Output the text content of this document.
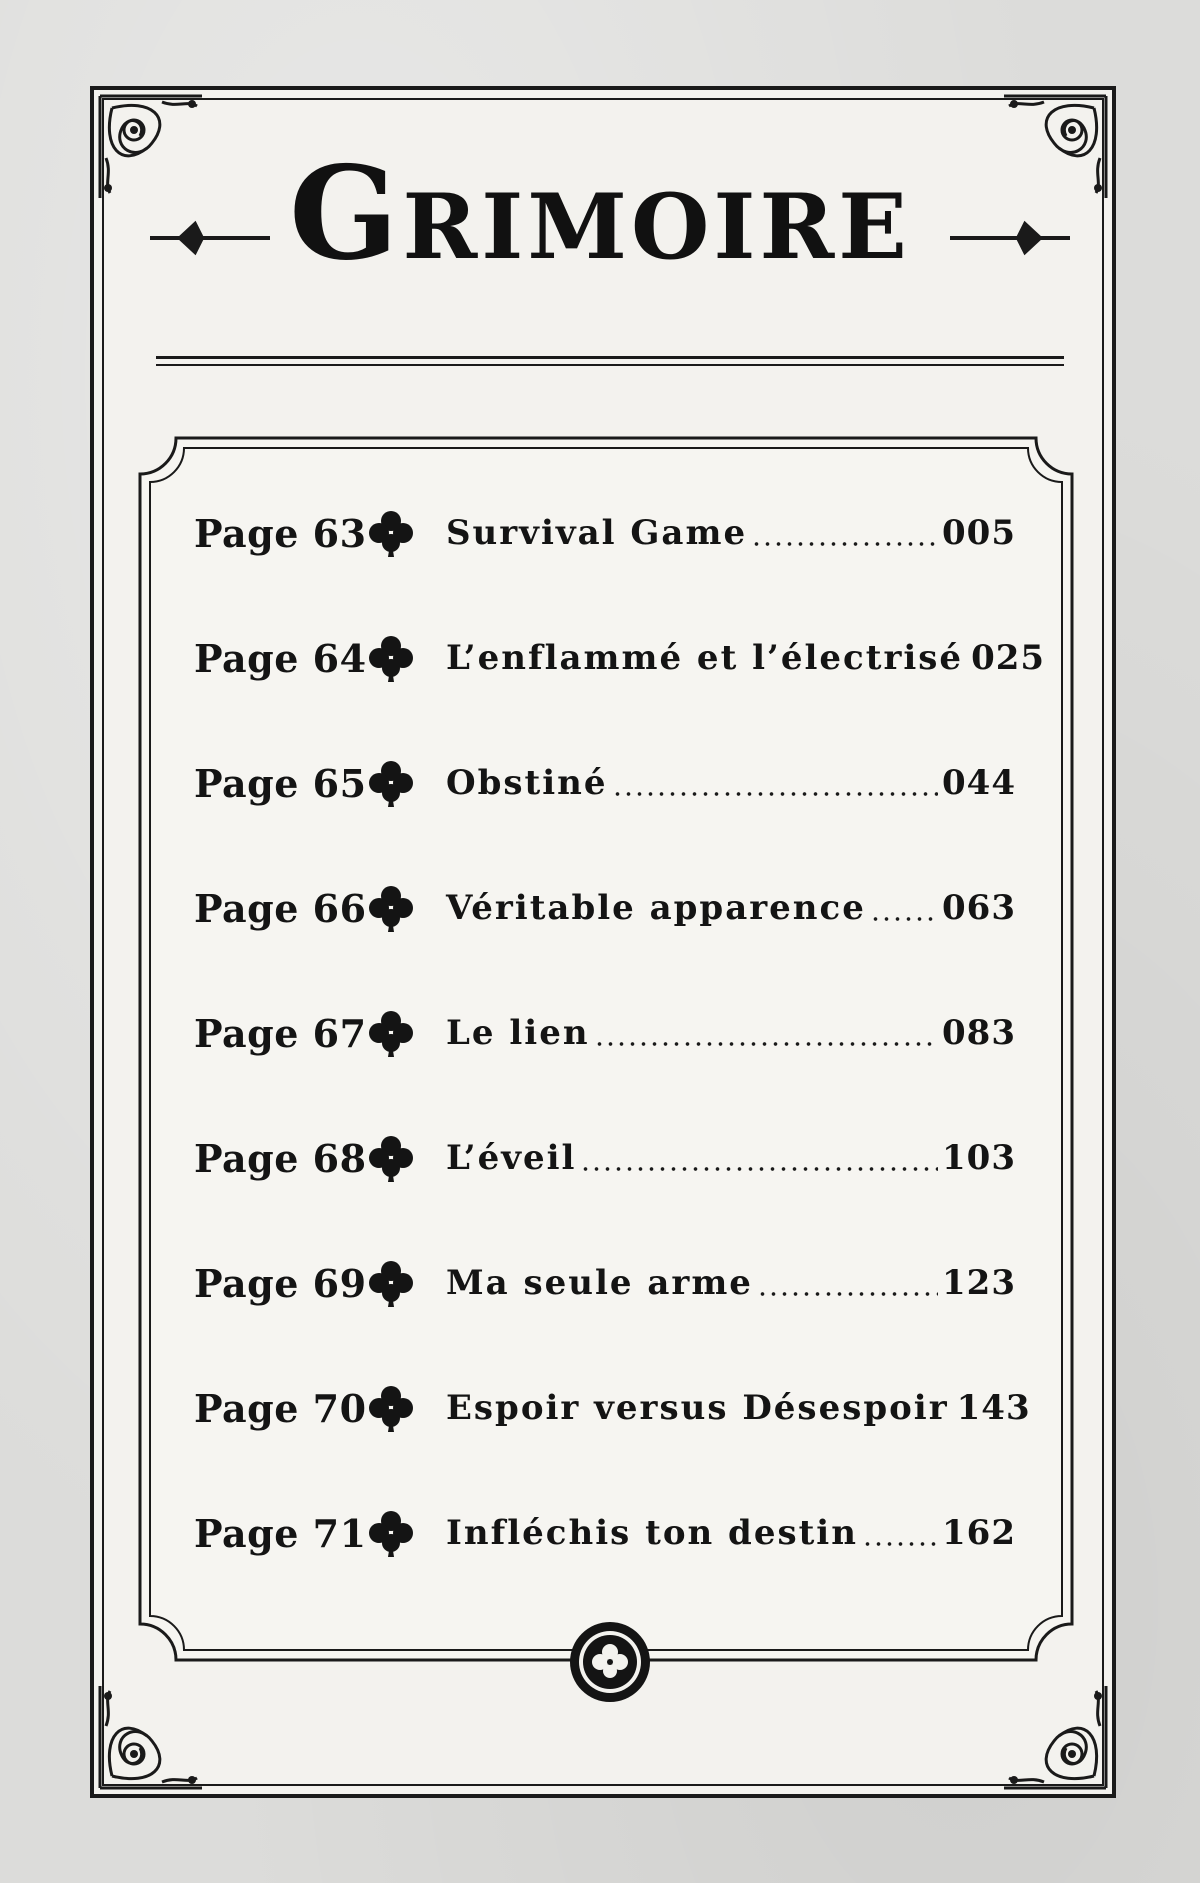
Grimoire
Page 63 Survival Game	005
Page 64 L’enflammé et l’électrisé 025
Page 65 Obstiné	044
Page 66 Véritable apparence 063
Page 67 Le lien	083
Page 68 L’éveil	103
Page 69 Ma seule arme	123
Page 70 Espoir versus Désespoir 143
Page 71 Infléchis ton destin 162
